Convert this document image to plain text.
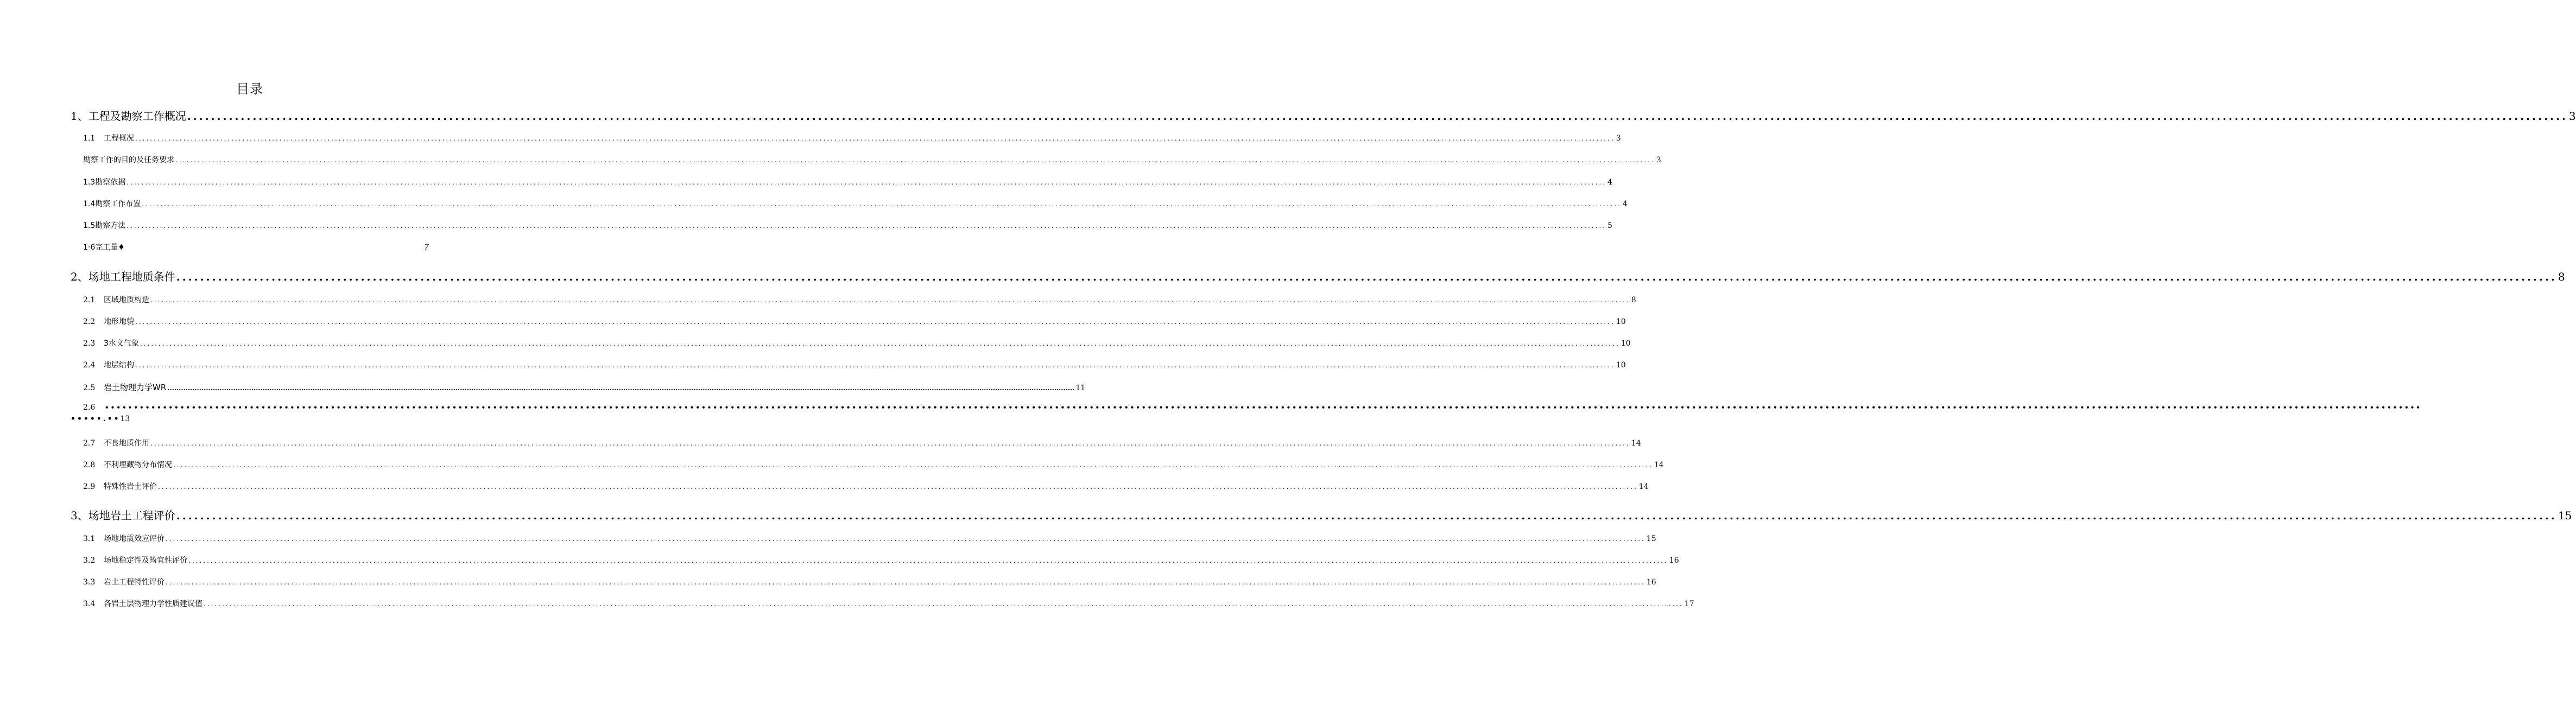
目录
1、工程及勘察工作概况 ................................................................................................................................................................................................................................................................................................................................................................................................................ 3
1.1 工程概况 ................................................................................................................................................................................................................................................................................................................................................................................................................ 3
勘察工作的目的及任务要求 ................................................................................................................................................................................................................................................................................................................................................................................................................ 3
1.3勘察依据 ................................................................................................................................................................................................................................................................................................................................................................................................................ 4
1.4勘察工作布置 ................................................................................................................................................................................................................................................................................................................................................................................................................ 4
1.5勘察方法 ................................................................................................................................................................................................................................................................................................................................................................................................................ 5
1·6完工量♦	7
2、场地工程地质条件 ................................................................................................................................................................................................................................................................................................................................................................................................................ 8
2.1 区域地质构造 ................................................................................................................................................................................................................................................................................................................................................................................................................ 8
2.2 地形地貌 ................................................................................................................................................................................................................................................................................................................................................................................................................ 10
2.3 3水文气象 ................................................................................................................................................................................................................................................................................................................................................................................................................ 10
2.4 地层结构 ................................................................................................................................................................................................................................................................................................................................................................................................................ 10
2.5 岩土物理力学WR ................................................................................................................................................................................................................................................................................................................................................................................................................ 11
2.6	••••••••••••••••••••••••••••••••••••••••••••••••••••••••••••••••••••••••••••••••••••••••••••••••••••••••••••••••••••••••••••••••••••••••••••••••••••••••••••••••••••••••••••••••••••••••••••••••••••••••••••••••••••••••••••••••••••••••••••••••••••••••••••••••••••••••••••••••••••••••••••••••••••••••••••••••••••••••••••••••••••••••••••••••••••••••••••••••••••••••••••••••••••••••••••••••••••••••••••••••
•••••.••13
2.7 不良地质作用 ................................................................................................................................................................................................................................................................................................................................................................................................................ 14
2.8 不利埋藏物分布情况 ................................................................................................................................................................................................................................................................................................................................................................................................................ 14
2.9 特殊性岩土评价 ................................................................................................................................................................................................................................................................................................................................................................................................................ 14
3、场地岩土工程评价 ................................................................................................................................................................................................................................................................................................................................................................................................................ 15
3.1 场地地震效应评价 ................................................................................................................................................................................................................................................................................................................................................................................................................ 15
3.2 场地稳定性及筠宜性评价 ................................................................................................................................................................................................................................................................................................................................................................................................................ 16
3.3 岩土工程特性评价 ................................................................................................................................................................................................................................................................................................................................................................................................................ 16
3.4 各岩土层物理力学性质建议值 ................................................................................................................................................................................................................................................................................................................................................................................................................ 17
